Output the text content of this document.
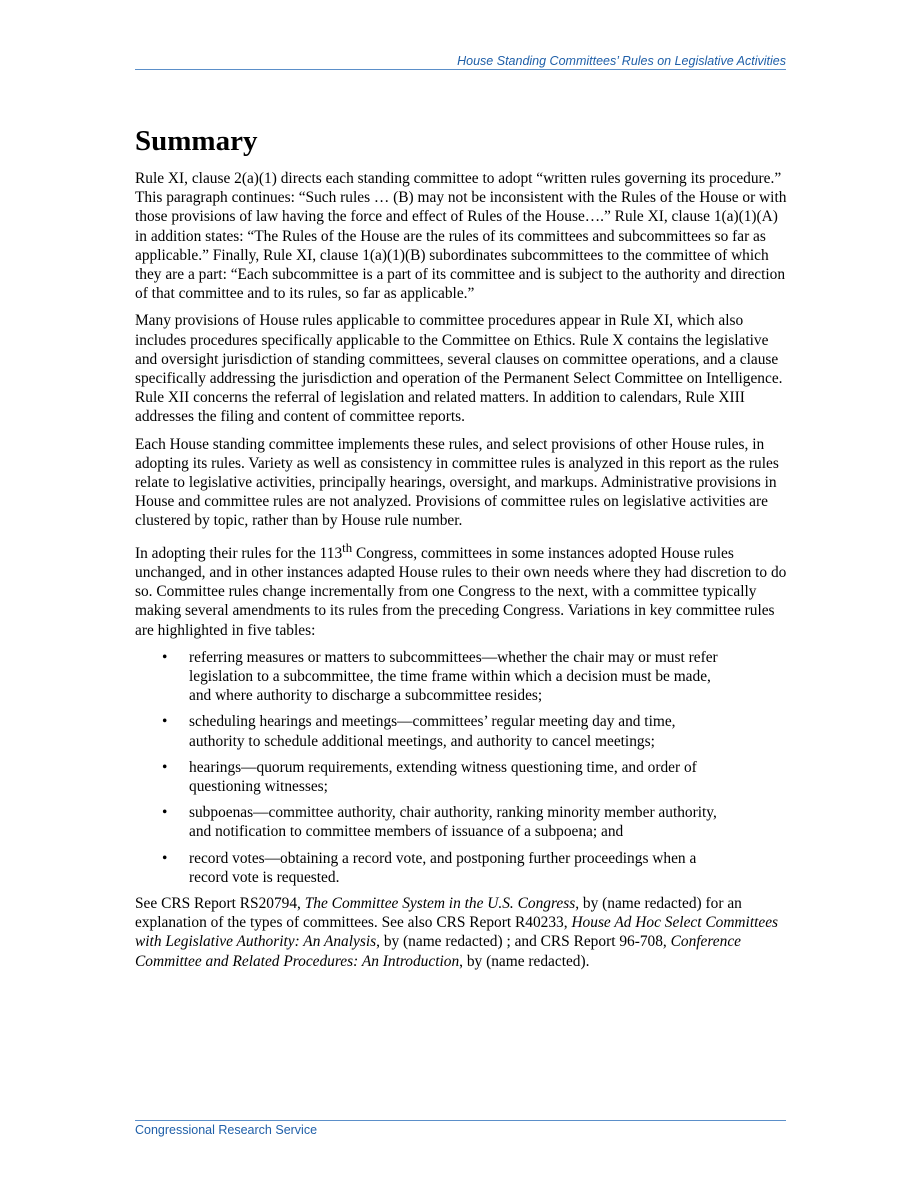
House Standing Committees’ Rules on Legislative Activities
Summary

Rule XI, clause 2(a)(1) directs each standing committee to adopt “written rules governing its procedure.” This paragraph continues: “Such rules … (B) may not be inconsistent with the Rules of the House or with those provisions of law having the force and effect of Rules of the House….” Rule XI, clause 1(a)(1)(A) in addition states: “The Rules of the House are the rules of its committees and subcommittees so far as applicable.” Finally, Rule XI, clause 1(a)(1)(B) subordinates subcommittees to the committee of which they are a part: “Each subcommittee is a part of its committee and is subject to the authority and direction of that committee and to its rules, so far as applicable.”

Many provisions of House rules applicable to committee procedures appear in Rule XI, which also includes procedures specifically applicable to the Committee on Ethics. Rule X contains the legislative and oversight jurisdiction of standing committees, several clauses on committee operations, and a clause specifically addressing the jurisdiction and operation of the Permanent Select Committee on Intelligence. Rule XII concerns the referral of legislation and related matters. In addition to calendars, Rule XIII addresses the filing and content of committee reports.

Each House standing committee implements these rules, and select provisions of other House rules, in adopting its rules. Variety as well as consistency in committee rules is analyzed in this report as the rules relate to legislative activities, principally hearings, oversight, and markups. Administrative provisions in House and committee rules are not analyzed. Provisions of committee rules on legislative activities are clustered by topic, rather than by House rule number.

In adopting their rules for the 113th Congress, committees in some instances adopted House rules unchanged, and in other instances adapted House rules to their own needs where they had discretion to do so. Committee rules change incrementally from one Congress to the next, with a committee typically making several amendments to its rules from the preceding Congress. Variations in key committee rules are highlighted in five tables:

• referring measures or matters to subcommittees—whether the chair may or must refer legislation to a subcommittee, the time frame within which a decision must be made, and where authority to discharge a subcommittee resides;
• scheduling hearings and meetings—committees’ regular meeting day and time, authority to schedule additional meetings, and authority to cancel meetings;
• hearings—quorum requirements, extending witness questioning time, and order of questioning witnesses;
• subpoenas—committee authority, chair authority, ranking minority member authority, and notification to committee members of issuance of a subpoena; and
• record votes—obtaining a record vote, and postponing further proceedings when a record vote is requested.

See CRS Report RS20794, The Committee System in the U.S. Congress, by (name redacted) for an explanation of the types of committees. See also CRS Report R40233, House Ad Hoc Select Committees with Legislative Authority: An Analysis, by (name redacted) ; and CRS Report 96-708, Conference Committee and Related Procedures: An Introduction, by (name redacted).

Congressional Research Service
